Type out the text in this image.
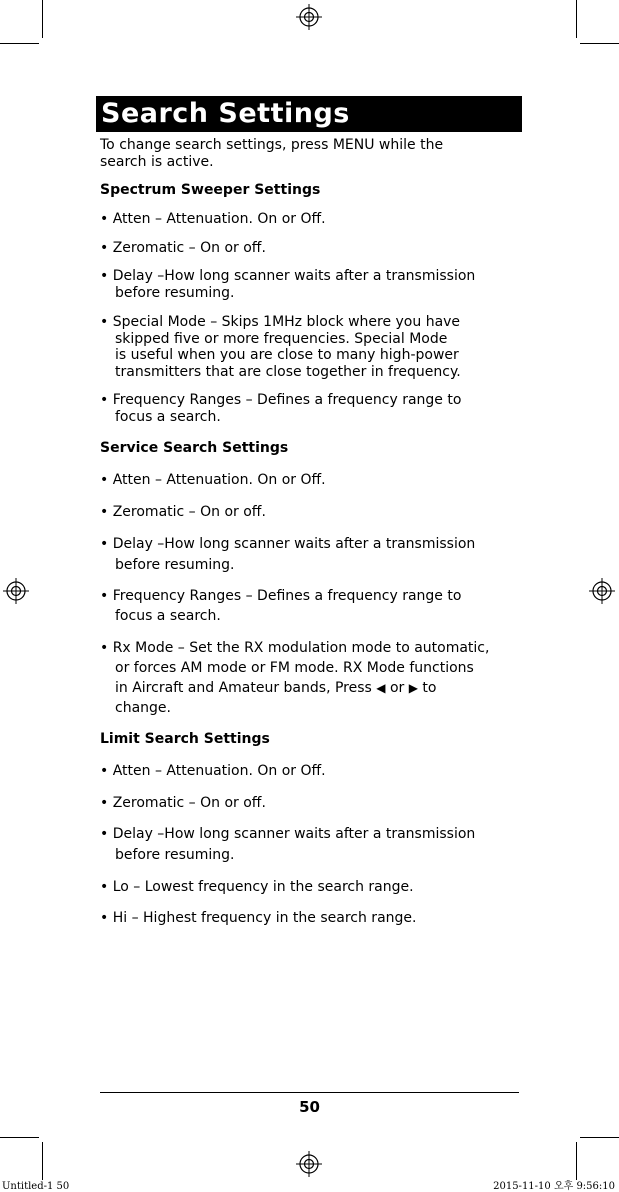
Search Settings
To change search settings, press MENU while the
search is active.
Spectrum Sweeper Settings
• Atten – Attenuation. On or Off.
• Zeromatic – On or off.
• Delay –How long scanner waits after a transmission
before resuming.
• Special Mode – Skips 1MHz block where you have
skipped five or more frequencies. Special Mode
is useful when you are close to many high-power
transmitters that are close together in frequency.
• Frequency Ranges – Defines a frequency range to
focus a search.
Service Search Settings
• Atten – Attenuation. On or Off.
• Zeromatic – On or off.
• Delay –How long scanner waits after a transmission
before resuming.
• Frequency Ranges – Defines a frequency range to
focus a search.
• Rx Mode – Set the RX modulation mode to automatic,
or forces AM mode or FM mode. RX Mode functions
in Aircraft and Amateur bands, Press ◀ or ▶ to
change.
Limit Search Settings
• Atten – Attenuation. On or Off.
• Zeromatic – On or off.
• Delay –How long scanner waits after a transmission
before resuming.
• Lo – Lowest frequency in the search range.
• Hi – Highest frequency in the search range.
50
Untitled-1 50	2015-11-10 오후 9:56:10
